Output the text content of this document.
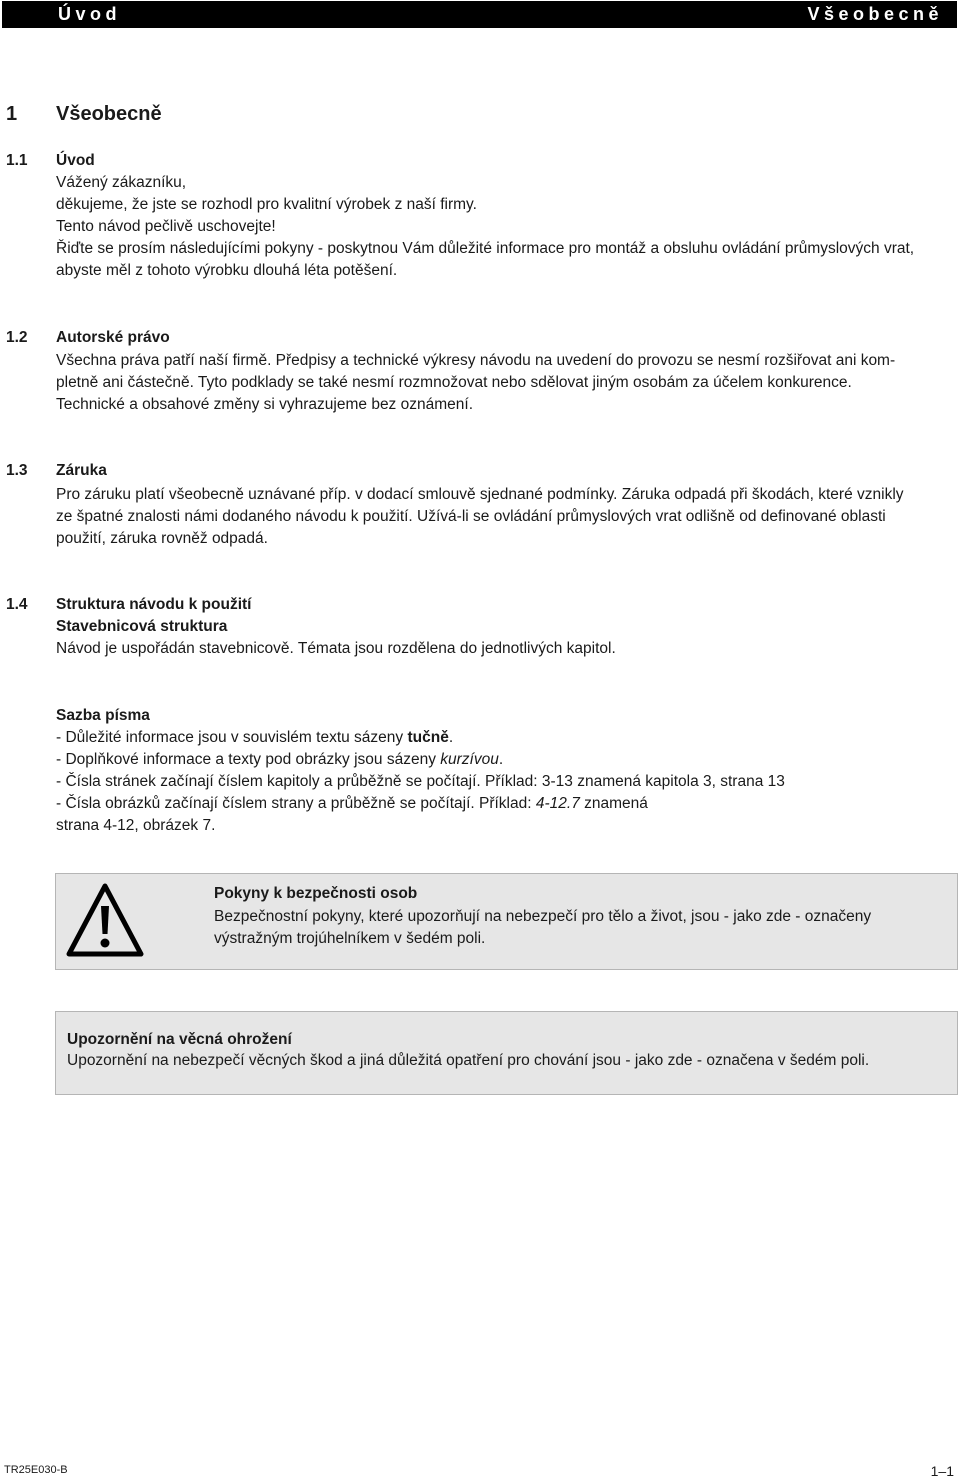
Úvod	Všeobecně
1 Všeobecně
1.1 Úvod
Vážený zákazníku,
děkujeme, že jste se rozhodl pro kvalitní výrobek z naší firmy.
Tento návod pečlivě uschovejte!
Řiďte se prosím následujícími pokyny - poskytnou Vám důležité informace pro montáž a obsluhu ovládání průmyslových vrat,
abyste měl z tohoto výrobku dlouhá léta potěšení.
1.2 Autorské právo
Všechna práva patří naší firmě. Předpisy a technické výkresy návodu na uvedení do provozu se nesmí rozšiřovat ani kom-
pletně ani částečně. Tyto podklady se také nesmí rozmnožovat nebo sdělovat jiným osobám za účelem konkurence.
Technické a obsahové změny si vyhrazujeme bez oznámení.
1.3 Záruka
Pro záruku platí všeobecně uznávané příp. v dodací smlouvě sjednané podmínky. Záruka odpadá při škodách, které vznikly
ze špatné znalosti námi dodaného návodu k použití. Užívá-li se ovládání průmyslových vrat odlišně od definované oblasti
použití, záruka rovněž odpadá.
1.4 Struktura návodu k použití
Stavebnicová struktura
Návod je uspořádán stavebnicově. Témata jsou rozdělena do jednotlivých kapitol.
Sazba písma
- Důležité informace jsou v souvislém textu sázeny tučně.
- Doplňkové informace a texty pod obrázky jsou sázeny kurzívou.
- Čísla stránek začínají číslem kapitoly a průběžně se počítají. Příklad: 3-13 znamená kapitola 3, strana 13
- Čísla obrázků začínají číslem strany a průběžně se počítají. Příklad: 4-12.7 znamená
strana 4-12, obrázek 7.
Pokyny k bezpečnosti osob
Bezpečnostní pokyny, které upozorňují na nebezpečí pro tělo a život, jsou - jako zde - označeny
výstražným trojúhelníkem v šedém poli.
Upozornění na věcná ohrožení
Upozornění na nebezpečí věcných škod a jiná důležitá opatření pro chování jsou - jako zde - označena v šedém poli.
TR25E030-B	1–1
